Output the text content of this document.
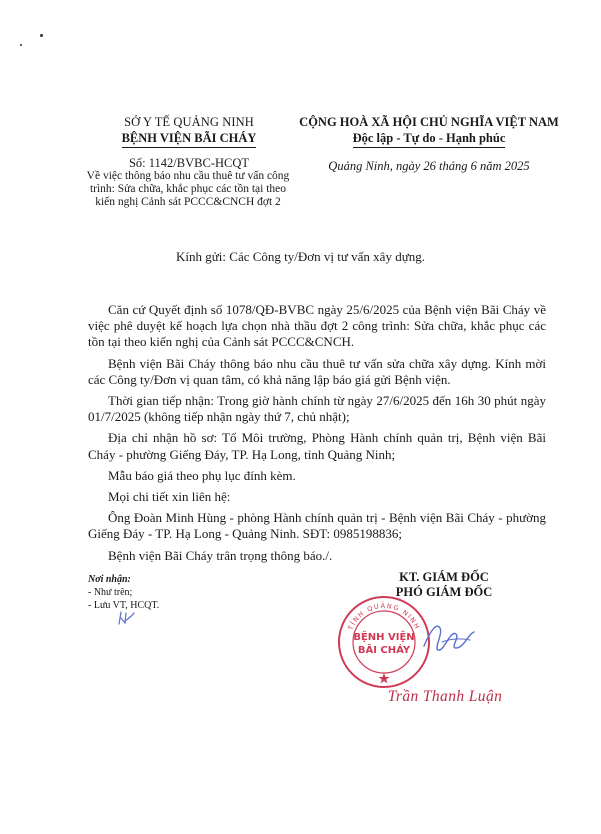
SỞ Y TẾ QUẢNG NINH
BỆNH VIỆN BÃI CHÁY
Số: 1142/BVBC-HCQT
Về việc thông báo nhu cầu thuê tư vấn công trình: Sửa chữa, khắc phục các tồn tại theo kiến nghị Cảnh sát PCCC&CNCH đợt 2
CỘNG HOÀ XÃ HỘI CHỦ NGHĨA VIỆT NAM
Độc lập - Tự do - Hạnh phúc
Quảng Ninh, ngày 26 tháng 6 năm 2025
Kính gửi: Các Công ty/Đơn vị tư vấn xây dựng.

Căn cứ Quyết định số 1078/QĐ-BVBC ngày 25/6/2025 của Bệnh viện Bãi Cháy về việc phê duyệt kế hoạch lựa chọn nhà thầu đợt 2 công trình: Sửa chữa, khắc phục các tồn tại theo kiến nghị của Cảnh sát PCCC&CNCH.

Bệnh viện Bãi Cháy thông báo nhu cầu thuê tư vấn sửa chữa xây dựng. Kính mời các Công ty/Đơn vị quan tâm, có khả năng lập báo giá gửi Bệnh viện.

Thời gian tiếp nhận: Trong giờ hành chính từ ngày 27/6/2025 đến 16h 30 phút ngày 01/7/2025 (không tiếp nhận ngày thứ 7, chủ nhật);

Địa chỉ nhận hồ sơ: Tổ Môi trường, Phòng Hành chính quản trị, Bệnh viện Bãi Cháy - phường Giếng Đáy, TP. Hạ Long, tỉnh Quảng Ninh;

Mẫu báo giá theo phụ lục đính kèm.

Mọi chi tiết xin liên hệ:

Ông Đoàn Minh Hùng - phòng Hành chính quản trị - Bệnh viện Bãi Cháy - phường Giếng Đáy - TP. Hạ Long - Quảng Ninh. SĐT: 0985198836;

Bệnh viện Bãi Cháy trân trọng thông báo./.

Nơi nhận:
- Như trên;
- Lưu VT, HCQT.
KT. GIÁM ĐỐC
PHÓ GIÁM ĐỐC
TỈNH QUẢNG NINH
BỆNH VIỆN
BÃI CHÁY
Trần Thanh Luận
